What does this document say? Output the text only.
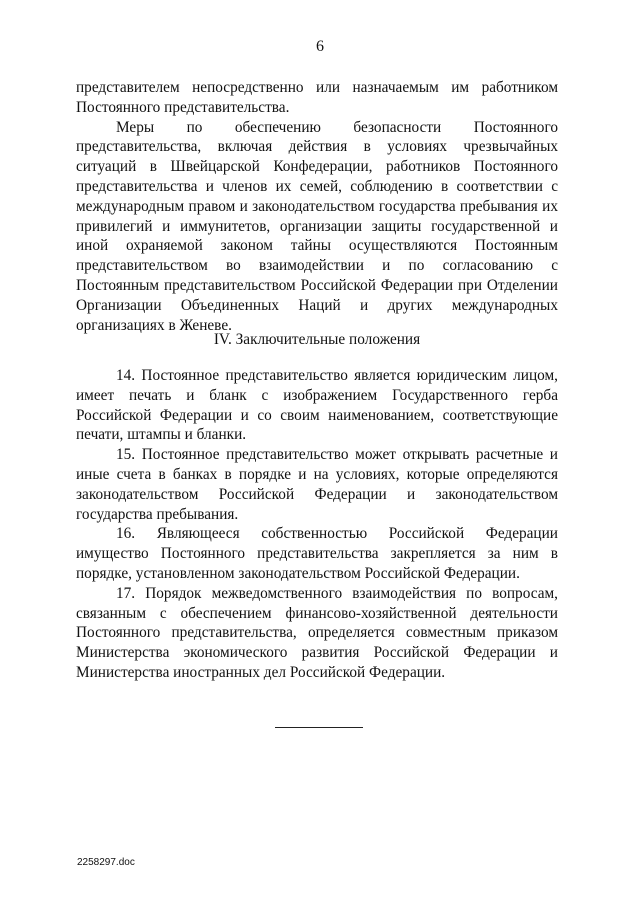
6

представителем непосредственно или назначаемым им работником Постоянного представительства.

Меры по обеспечению безопасности Постоянного представительства, включая действия в условиях чрезвычайных ситуаций в Швейцарской Конфедерации, работников Постоянного представительства и членов их семей, соблюдению в соответствии с международным правом и законодательством государства пребывания их привилегий и иммунитетов, организации защиты государственной и иной охраняемой законом тайны осуществляются Постоянным представительством во взаимодействии и по согласованию с Постоянным представительством Российской Федерации при Отделении Организации Объединенных Наций и других международных организациях в Женеве.

IV. Заключительные положения

14. Постоянное представительство является юридическим лицом, имеет печать и бланк с изображением Государственного герба Российской Федерации и со своим наименованием, соответствующие печати, штампы и бланки.

15. Постоянное представительство может открывать расчетные и иные счета в банках в порядке и на условиях, которые определяются законодательством Российской Федерации и законодательством государства пребывания.

16. Являющееся собственностью Российской Федерации имущество Постоянного представительства закрепляется за ним в порядке, установленном законодательством Российской Федерации.

17. Порядок межведомственного взаимодействия по вопросам, связанным с обеспечением финансово-хозяйственной деятельности Постоянного представительства, определяется совместным приказом Министерства экономического развития Российской Федерации и Министерства иностранных дел Российской Федерации.

2258297.doc
